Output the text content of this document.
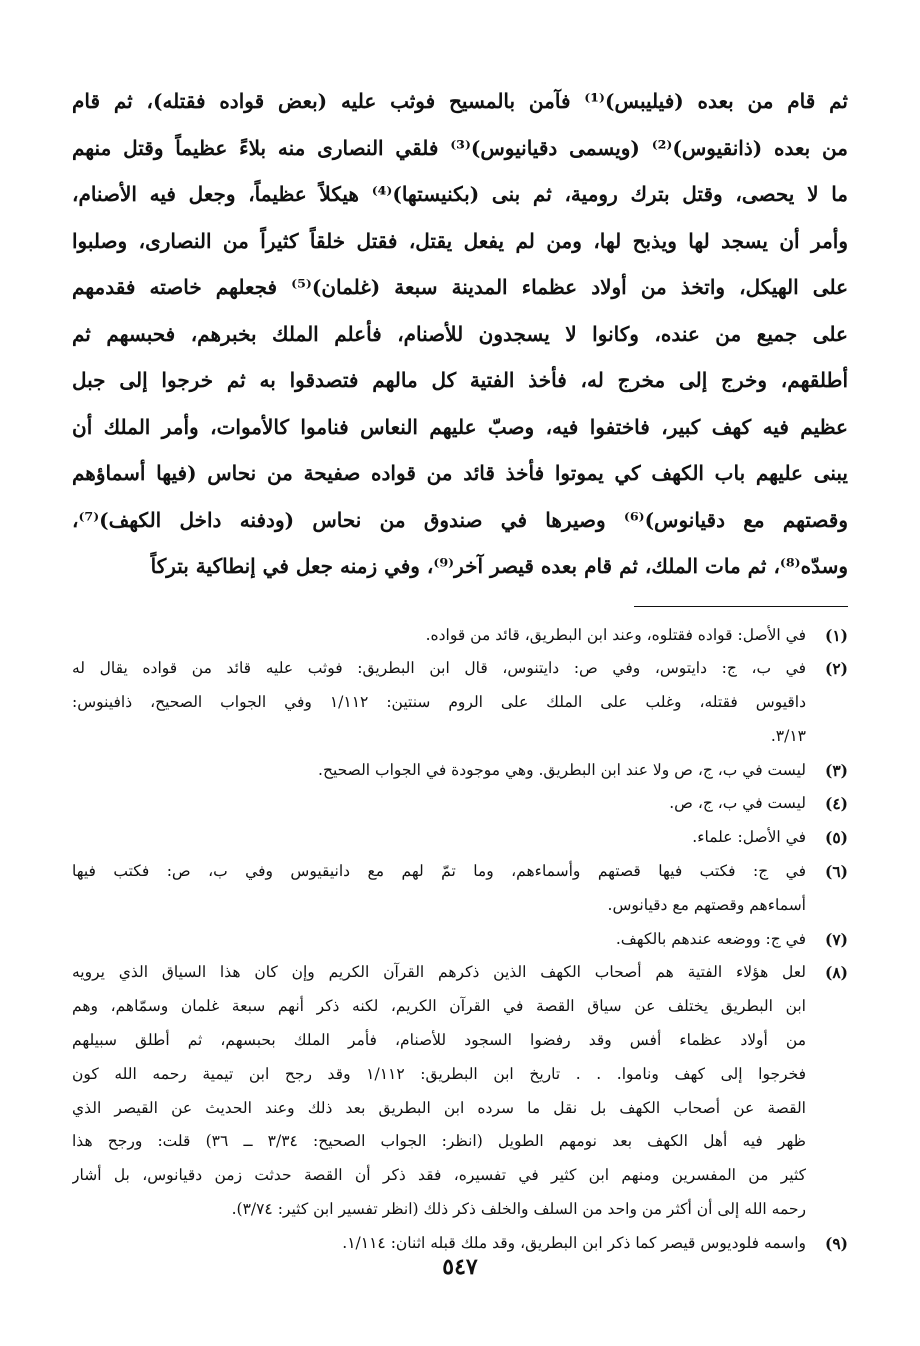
ثم قام من بعده (فيليبس)⁽¹⁾ فآمن بالمسيح فوثب عليه (بعض قواده فقتله)، ثم قام
من بعده (ذانقيوس)⁽²⁾ (ويسمى دقيانيوس)⁽³⁾ فلقي النصارى منه بلاءً عظيماً وقتل منهم
ما لا يحصى، وقتل بترك رومية، ثم بنى (بكنيستها)⁽⁴⁾ هيكلاً عظيماً، وجعل فيه الأصنام،
وأمر أن يسجد لها ويذبح لها، ومن لم يفعل يقتل، فقتل خلقاً كثيراً من النصارى، وصلبوا
على الهيكل، واتخذ من أولاد عظماء المدينة سبعة (غلمان)⁽⁵⁾ فجعلهم خاصته فقدمهم
على جميع من عنده، وكانوا لا يسجدون للأصنام، فأعلم الملك بخبرهم، فحبسهم ثم
أطلقهم، وخرج إلى مخرج له، فأخذ الفتية كل مالهم فتصدقوا به ثم خرجوا إلى جبل
عظيم فيه كهف كبير، فاختفوا فيه، وصبّ عليهم النعاس فناموا كالأموات، وأمر الملك أن
يبنى عليهم باب الكهف كي يموتوا فأخذ قائد من قواده صفيحة من نحاس (فيها أسماؤهم
وقصتهم مع دقيانوس)⁽⁶⁾ وصيرها في صندوق من نحاس (ودفنه داخل الكهف)⁽⁷⁾،
وسدّه⁽⁸⁾، ثم مات الملك، ثم قام بعده قيصر آخر⁽⁹⁾، وفي زمنه جعل في إنطاكية بتركاً
(١)
في الأصل: قواده فقتلوه، وعند ابن البطريق، قائد من قواده.
(٢)
في ب، ج: دايتوس، وفي ص: دايتنوس، قال ابن البطريق: فوثب عليه قائد من قواده يقال له
داقيوس فقتله، وغلب على الملك على الروم سنتين: ١/١١٢ وفي الجواب الصحيح، ذافينوس:
٣/١٣.
(٣)
ليست في ب، ج، ص ولا عند ابن البطريق. وهي موجودة في الجواب الصحيح.
(٤)
ليست في ب، ج، ص.
(٥)
في الأصل: علماء.
(٦)
في ج: فكتب فيها قصتهم وأسماءهم، وما تمّ لهم مع دانيقيوس وفي ب، ص: فكتب فيها
أسماءهم وقصتهم مع دقيانوس.
(٧)
في ج: ووضعه عندهم بالكهف.
(٨)
لعل هؤلاء الفتية هم أصحاب الكهف الذين ذكرهم القرآن الكريم وإن كان هذا السياق الذي يرويه
ابن البطريق يختلف عن سياق القصة في القرآن الكريم، لكنه ذكر أنهم سبعة غلمان وسمّاهم، وهم
من أولاد عظماء أفس وقد رفضوا السجود للأصنام، فأمر الملك بحبسهم، ثم أطلق سبيلهم
فخرجوا إلى كهف وناموا. . . تاريخ ابن البطريق: ١/١١٢ وقد رجح ابن تيمية رحمه الله كون
القصة عن أصحاب الكهف بل نقل ما سرده ابن البطريق بعد ذلك وعند الحديث عن القيصر الذي
ظهر فيه أهل الكهف بعد نومهم الطويل (انظر: الجواب الصحيح: ٣/٣٤ ــ ٣٦) قلت: ورجح هذا
كثير من المفسرين ومنهم ابن كثير في تفسيره، فقد ذكر أن القصة حدثت زمن دقيانوس، بل أشار
رحمه الله إلى أن أكثر من واحد من السلف والخلف ذكر ذلك (انظر تفسير ابن كثير: ٣/٧٤).
(٩)
واسمه فلوديوس قيصر كما ذكر ابن البطريق، وقد ملك قبله اثنان: ١/١١٤.
٥٤٧
